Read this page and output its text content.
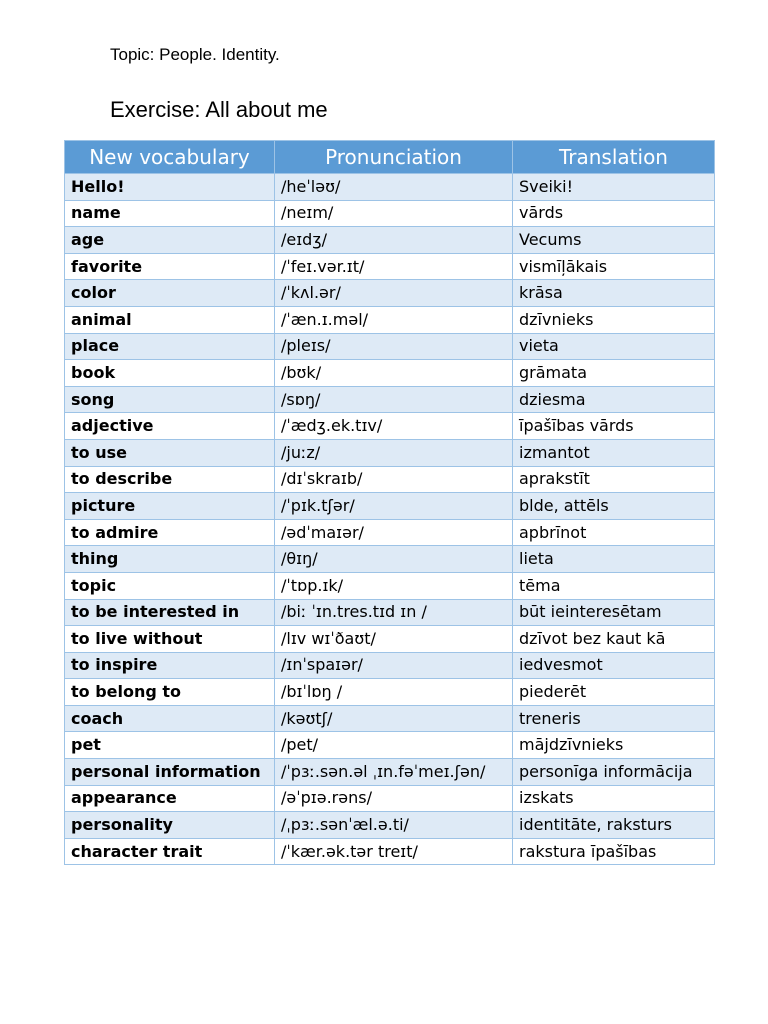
Topic: People. Identity.
Exercise: All about me
New vocabulary	Pronunciation	Translation
Hello!	/heˈləʊ/	Sveiki!
name	/neɪm/	vārds
age	/eɪdʒ/	Vecums
favorite	/ˈfeɪ.vər.ɪt/	vismīļākais
color	/ˈkʌl.ər/	krāsa
animal	/ˈæn.ɪ.məl/	dzīvnieks
place	/pleɪs/	vieta
book	/bʊk/	grāmata
song	/sɒŋ/	dziesma
adjective	/ˈædʒ.ek.tɪv/	īpašības vārds
to use	/juːz/	izmantot
to describe	/dɪˈskraɪb/	aprakstīt
picture	/ˈpɪk.tʃər/	blde, attēls
to admire	/ədˈmaɪər/	apbrīnot
thing	/θɪŋ/	lieta
topic	/ˈtɒp.ɪk/	tēma
to be interested in	/biː ˈɪn.tres.tɪd ɪn /	būt ieinteresētam
to live without	/lɪv wɪˈðaʊt/	dzīvot bez kaut kā
to inspire	/ɪnˈspaɪər/	iedvesmot
to belong to	/bɪˈlɒŋ /	piederēt
coach	/kəʊtʃ/	treneris
pet	/pet/	mājdzīvnieks
personal information	/ˈpɜː.sən.əl ˌɪn.fəˈmeɪ.ʃən/	personīga informācija
appearance	/əˈpɪə.rəns/	izskats
personality	/ˌpɜː.sənˈæl.ə.ti/	identitāte, raksturs
character trait	/ˈkær.ək.tər treɪt/	rakstura īpašības
